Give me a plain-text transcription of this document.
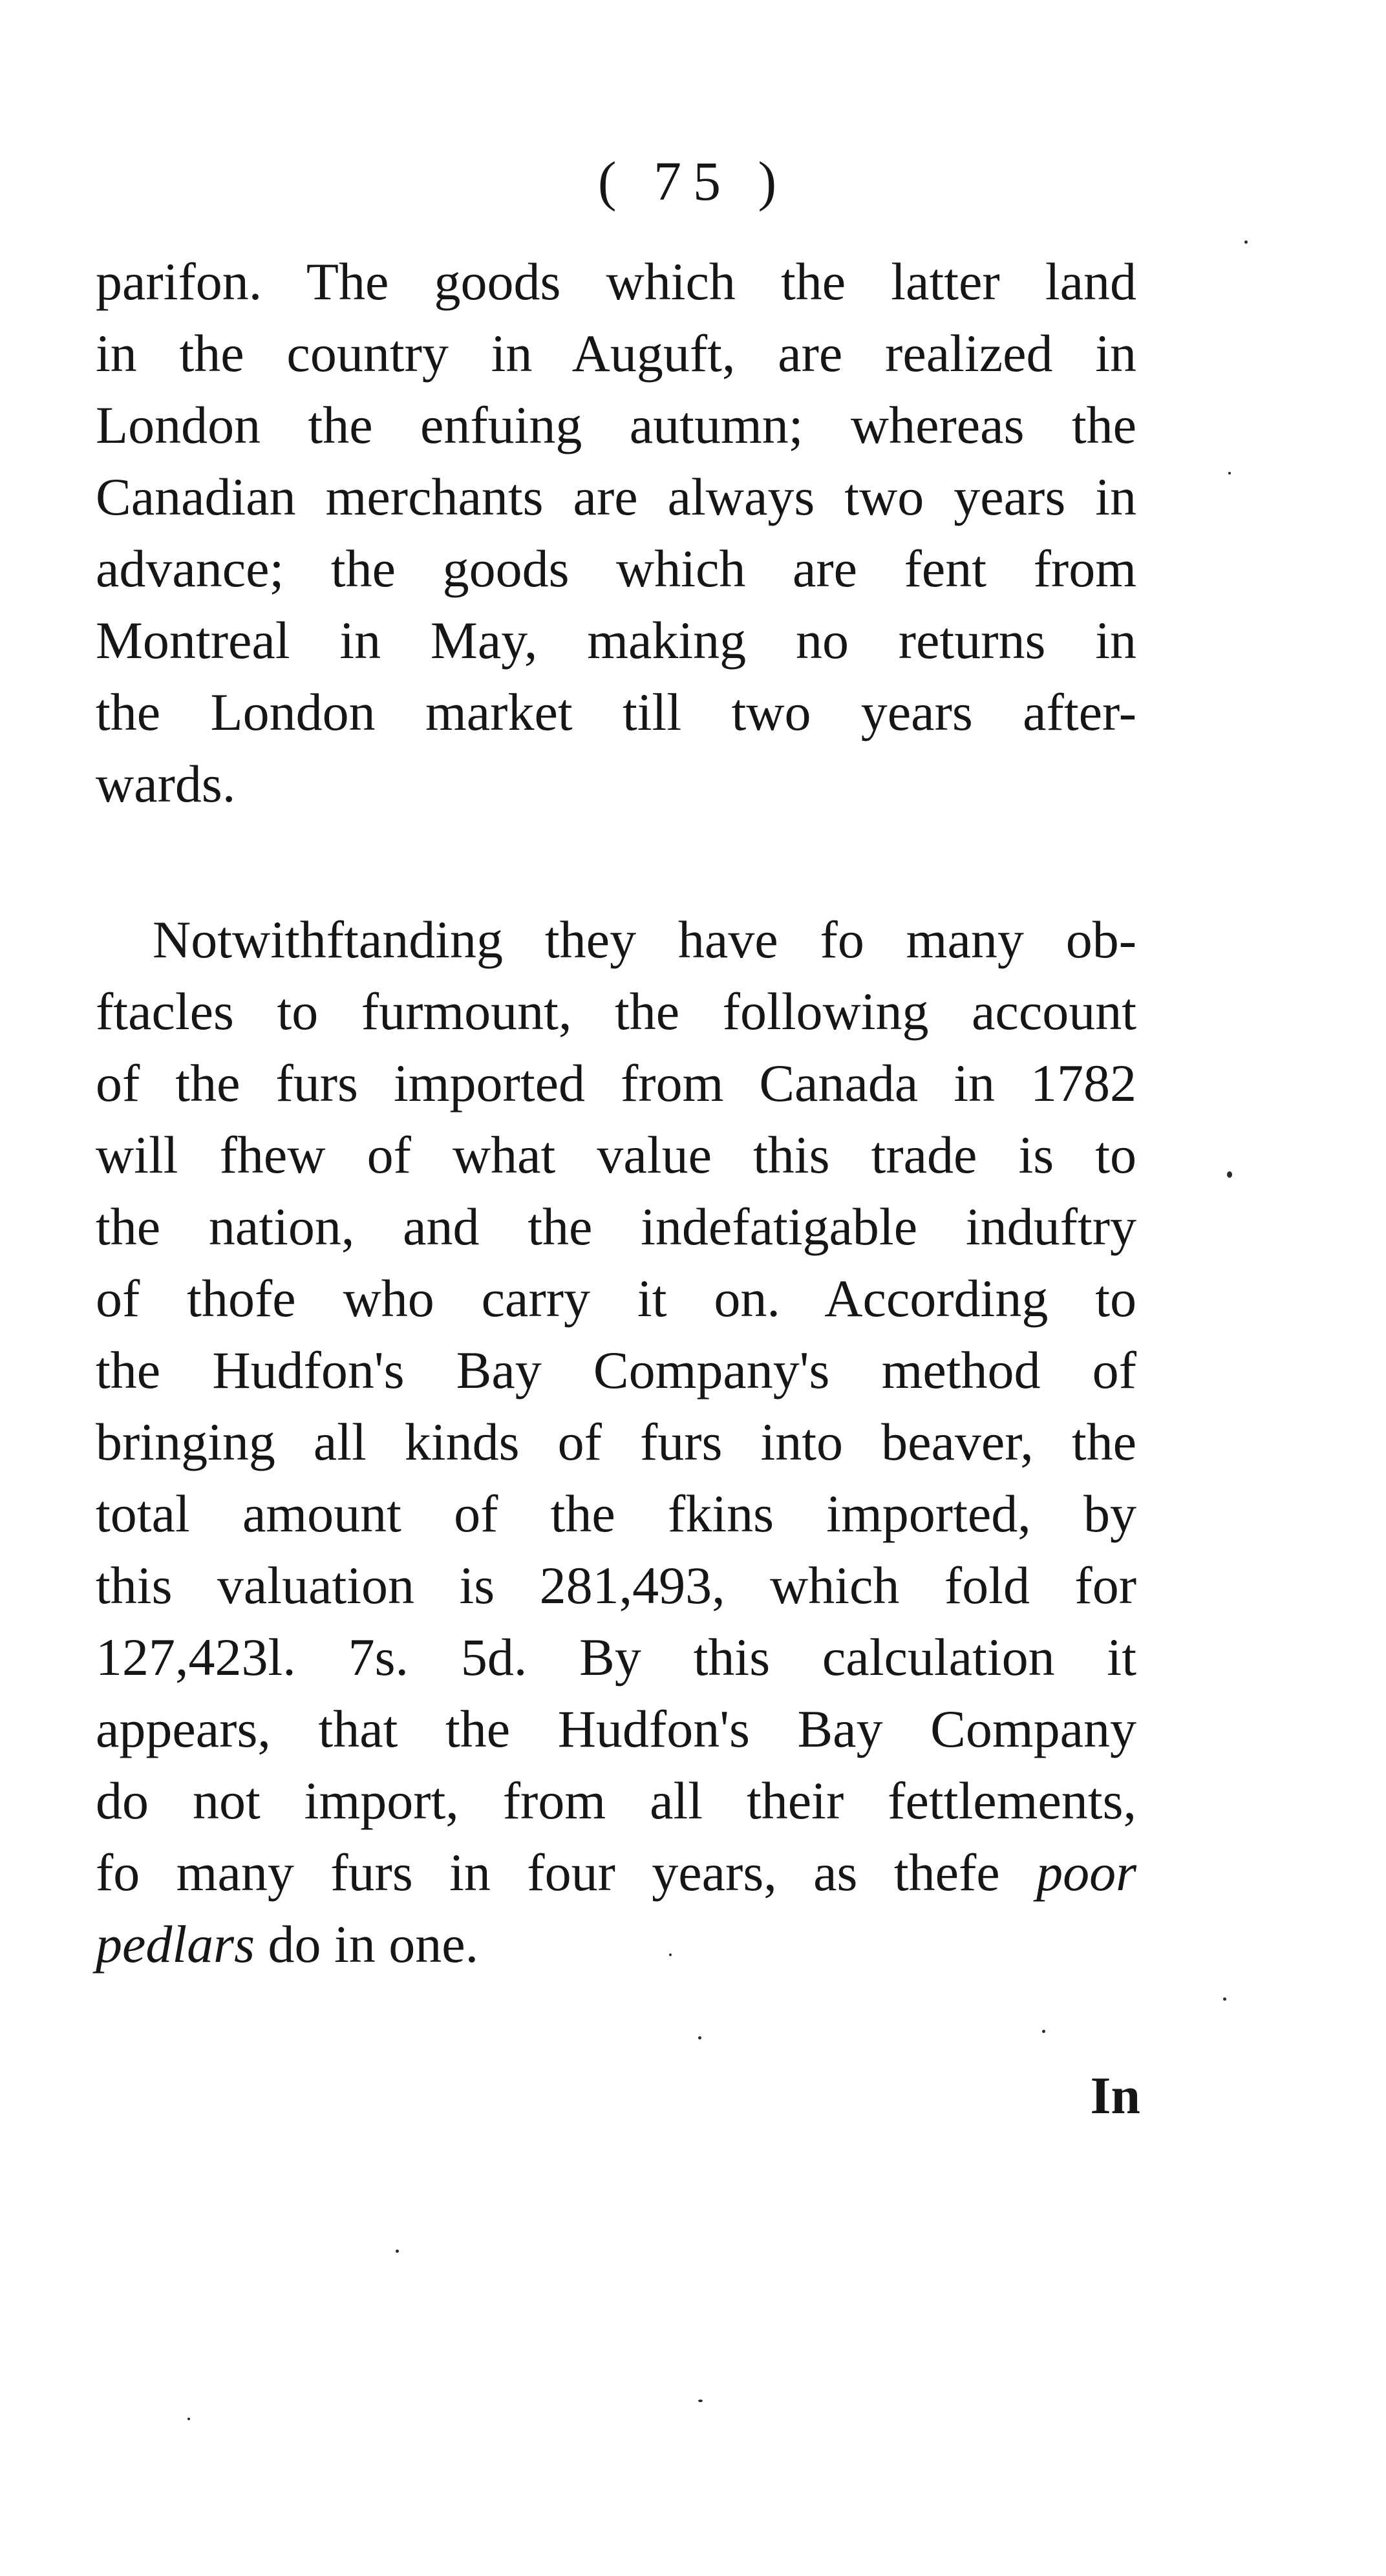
( 75 )
parifon. The goods which the latter land
in the country in Auguft, are realized in
London the enfuing autumn; whereas the
Canadian merchants are always two years in
advance; the goods which are fent from
Montreal in May, making no returns in
the London market till two years after-
wards.
Notwithftanding they have fo many ob-
ftacles to furmount, the following account
of the furs imported from Canada in 1782
will fhew of what value this trade is to
the nation, and the indefatigable induftry
of thofe who carry it on. According to
the Hudfon's Bay Company's method of
bringing all kinds of furs into beaver, the
total amount of the fkins imported, by
this valuation is 281,493, which fold for
127,423l. 7s. 5d. By this calculation it
appears, that the Hudfon's Bay Company
do not import, from all their fettlements,
fo many furs in four years, as thefe poor
pedlars do in one.
In
